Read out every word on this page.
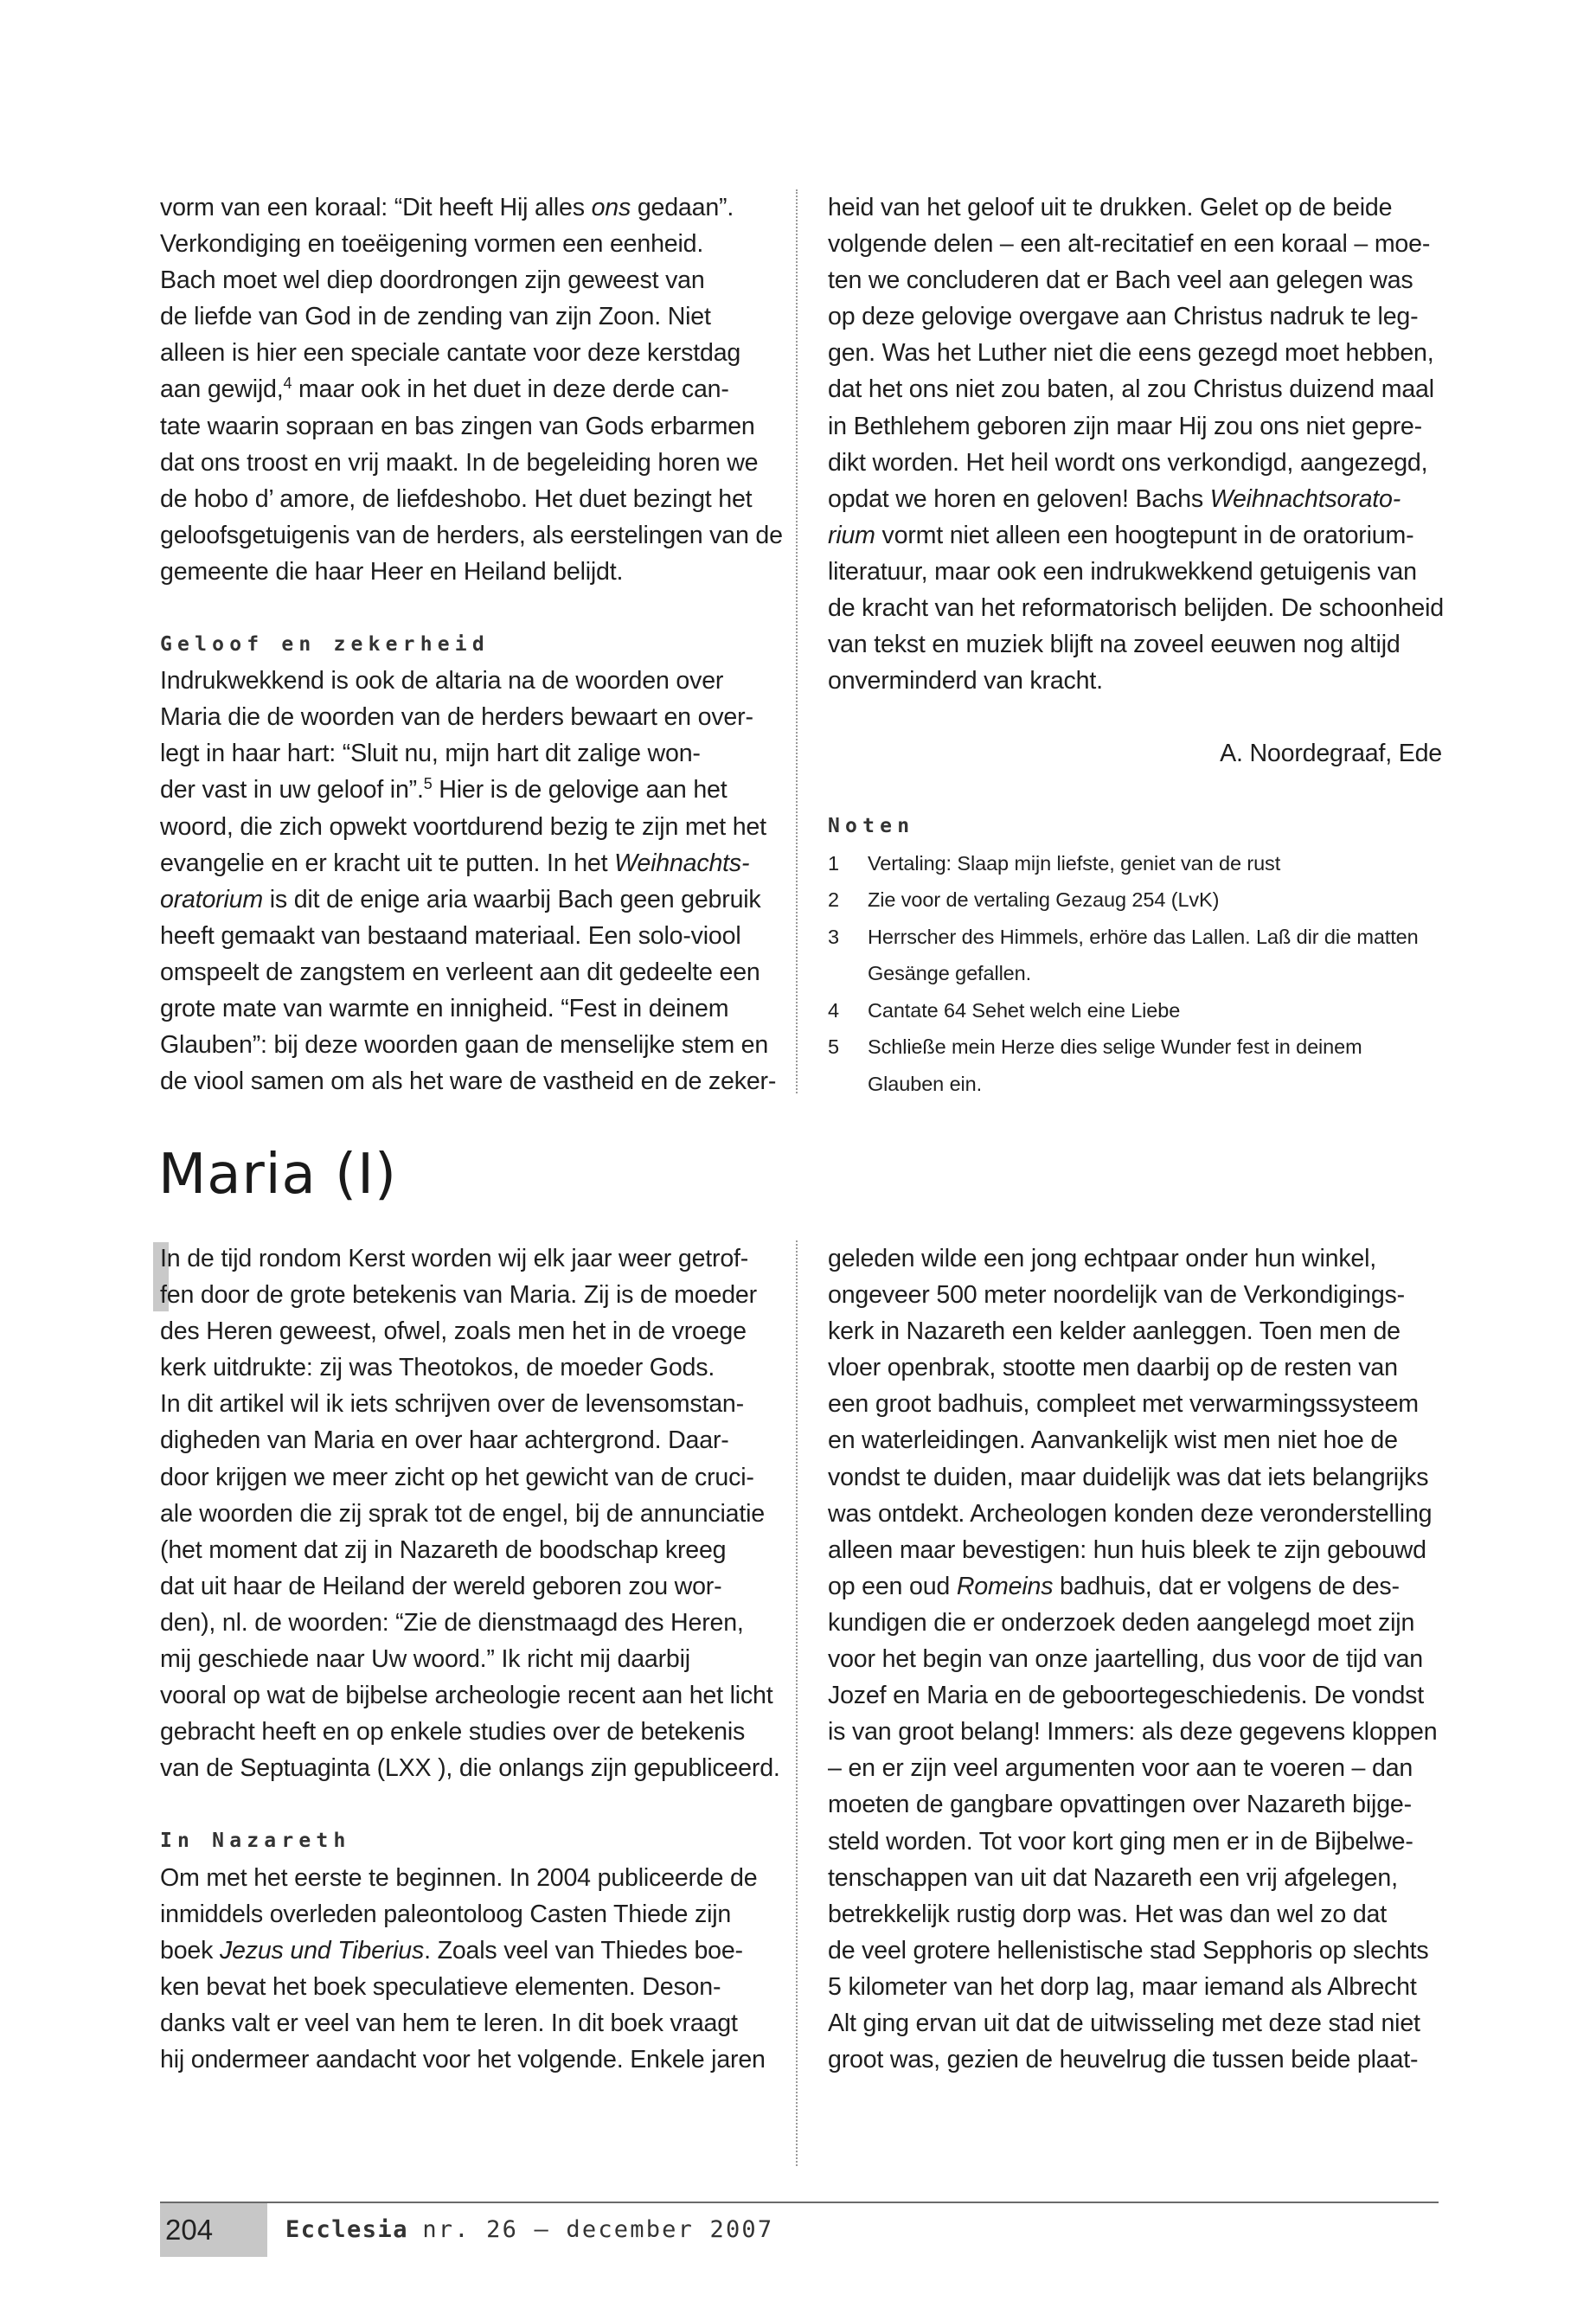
vorm van een koraal: “Dit heeft Hij alles ons gedaan”.
Verkondiging en toeëigening vormen een eenheid.
Bach moet wel diep doordrongen zijn geweest van
de liefde van God in de zending van zijn Zoon. Niet
alleen is hier een speciale cantate voor deze kerstdag
aan gewijd,$^4$ maar ook in het duet in deze derde can-
tate waarin sopraan en bas zingen van Gods erbarmen
dat ons troost en vrij maakt. In de begeleiding horen we
de hobo d’ amore, de liefdeshobo. Het duet bezingt het
geloofsgetuigenis van de herders, als eerstelingen van de
gemeente die haar Heer en Heiland belijdt.
Geloof en zekerheid
Indrukwekkend is ook de altaria na de woorden over
Maria die de woorden van de herders bewaart en over-
legt in haar hart: “Sluit nu, mijn hart dit zalige won-
der vast in uw geloof in”.$^5$ Hier is de gelovige aan het
woord, die zich opwekt voortdurend bezig te zijn met het
evangelie en er kracht uit te putten. In het Weihnachts-
oratorium is dit de enige aria waarbij Bach geen gebruik
heeft gemaakt van bestaand materiaal. Een solo-viool
omspeelt de zangstem en verleent aan dit gedeelte een
grote mate van warmte en innigheid. “Fest in deinem
Glauben”: bij deze woorden gaan de menselijke stem en
de viool samen om als het ware de vastheid en de zeker-
heid van het geloof uit te drukken. Gelet op de beide
volgende delen – een alt-recitatief en een koraal – moe-
ten we concluderen dat er Bach veel aan gelegen was
op deze gelovige overgave aan Christus nadruk te leg-
gen. Was het Luther niet die eens gezegd moet hebben,
dat het ons niet zou baten, al zou Christus duizend maal
in Bethlehem geboren zijn maar Hij zou ons niet gepre-
dikt worden. Het heil wordt ons verkondigd, aangezegd,
opdat we horen en geloven! Bachs Weihnachtsorato-
rium vormt niet alleen een hoogtepunt in de oratorium-
literatuur, maar ook een indrukwekkend getuigenis van
de kracht van het reformatorisch belijden. De schoonheid
van tekst en muziek blijft na zoveel eeuwen nog altijd
onverminderd van kracht.
A. Noordegraaf, Ede
Noten
1 Vertaling: Slaap mijn liefste, geniet van de rust
2 Zie voor de vertaling Gezaug 254 (LvK)
3 Herrscher des Himmels, erhöre das Lallen. Laß dir die matten
Gesänge gefallen.
4 Cantate 64 Sehet welch eine Liebe
5 Schließe mein Herze dies selige Wunder fest in deinem
Glauben ein.
Maria (I)
In de tijd rondom Kerst worden wij elk jaar weer getrof-
fen door de grote betekenis van Maria. Zij is de moeder
des Heren geweest, ofwel, zoals men het in de vroege
kerk uitdrukte: zij was Theotokos, de moeder Gods.
In dit artikel wil ik iets schrijven over de levensomstan-
digheden van Maria en over haar achtergrond. Daar-
door krijgen we meer zicht op het gewicht van de cruci-
ale woorden die zij sprak tot de engel, bij de annunciatie
(het moment dat zij in Nazareth de boodschap kreeg
dat uit haar de Heiland der wereld geboren zou wor-
den), nl. de woorden: “Zie de dienstmaagd des Heren,
mij geschiede naar Uw woord.” Ik richt mij daarbij
vooral op wat de bijbelse archeologie recent aan het licht
gebracht heeft en op enkele studies over de betekenis
van de Septuaginta (LXX ), die onlangs zijn gepubliceerd.
In Nazareth
Om met het eerste te beginnen. In 2004 publiceerde de
inmiddels overleden paleontoloog Casten Thiede zijn
boek Jezus und Tiberius. Zoals veel van Thiedes boe-
ken bevat het boek speculatieve elementen. Deson-
danks valt er veel van hem te leren. In dit boek vraagt
hij ondermeer aandacht voor het volgende. Enkele jaren
geleden wilde een jong echtpaar onder hun winkel,
ongeveer 500 meter noordelijk van de Verkondigings-
kerk in Nazareth een kelder aanleggen. Toen men de
vloer openbrak, stootte men daarbij op de resten van
een groot badhuis, compleet met verwarmingssysteem
en waterleidingen. Aanvankelijk wist men niet hoe de
vondst te duiden, maar duidelijk was dat iets belangrijks
was ontdekt. Archeologen konden deze veronderstelling
alleen maar bevestigen: hun huis bleek te zijn gebouwd
op een oud Romeins badhuis, dat er volgens de des-
kundigen die er onderzoek deden aangelegd moet zijn
voor het begin van onze jaartelling, dus voor de tijd van
Jozef en Maria en de geboortegeschiedenis. De vondst
is van groot belang! Immers: als deze gegevens kloppen
– en er zijn veel argumenten voor aan te voeren – dan
moeten de gangbare opvattingen over Nazareth bijge-
steld worden. Tot voor kort ging men er in de Bijbelwe-
tenschappen van uit dat Nazareth een vrij afgelegen,
betrekkelijk rustig dorp was. Het was dan wel zo dat
de veel grotere hellenistische stad Sepphoris op slechts
5 kilometer van het dorp lag, maar iemand als Albrecht
Alt ging ervan uit dat de uitwisseling met deze stad niet
groot was, gezien de heuvelrug die tussen beide plaat-
204	Ecclesia nr. 26 — december 2007
